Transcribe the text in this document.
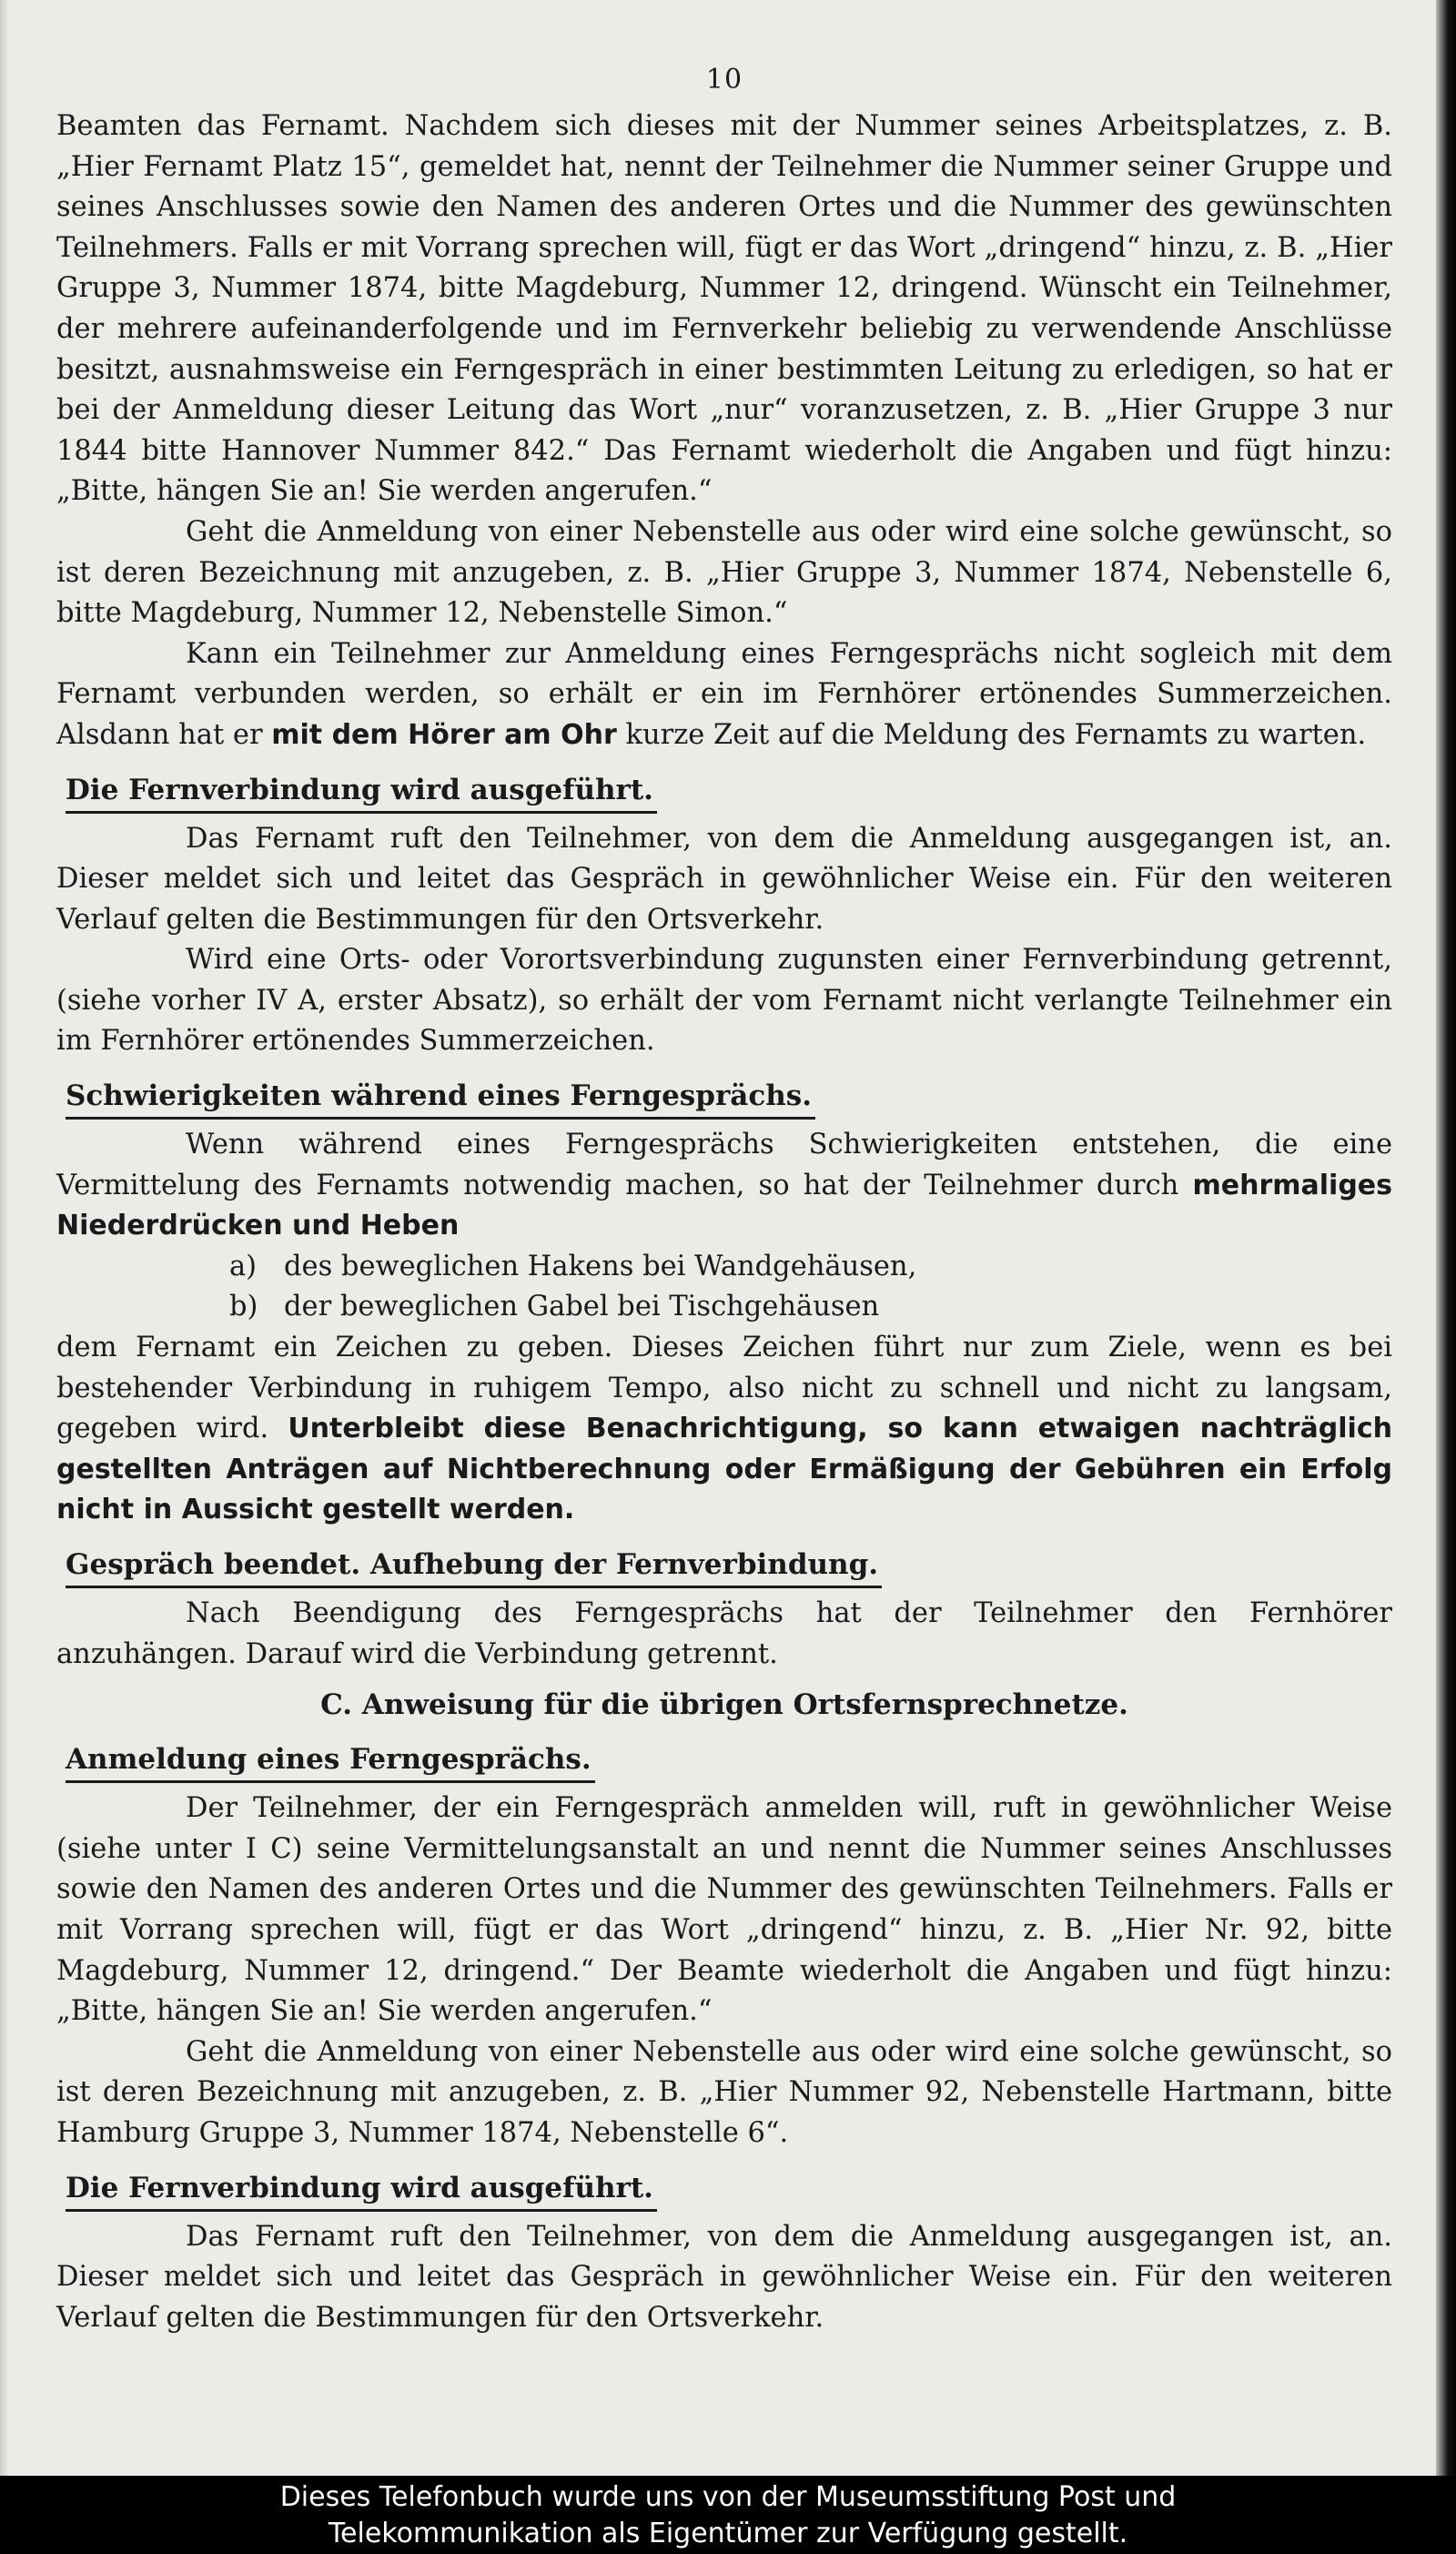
10

Beamten das Fernamt. Nachdem sich dieses mit der Nummer seines Arbeitsplatzes, z. B. „Hier Fernamt Platz 15“, gemeldet hat, nennt der Teilnehmer die Nummer seiner Gruppe und seines Anschlusses sowie den Namen des anderen Ortes und die Nummer des gewünschten Teilnehmers. Falls er mit Vorrang sprechen will, fügt er das Wort „dringend“ hinzu, z. B. „Hier Gruppe 3, Nummer 1874, bitte Magdeburg, Nummer 12, dringend. Wünscht ein Teilnehmer, der mehrere aufeinanderfolgende und im Fernverkehr beliebig zu verwendende Anschlüsse besitzt, ausnahmsweise ein Ferngespräch in einer bestimmten Leitung zu erledigen, so hat er bei der Anmeldung dieser Leitung das Wort „nur“ voranzusetzen, z. B. „Hier Gruppe 3 nur 1844 bitte Hannover Nummer 842.“ Das Fernamt wiederholt die Angaben und fügt hinzu: „Bitte, hängen Sie an! Sie werden angerufen.“

Geht die Anmeldung von einer Nebenstelle aus oder wird eine solche gewünscht, so ist deren Bezeichnung mit anzugeben, z. B. „Hier Gruppe 3, Nummer 1874, Nebenstelle 6, bitte Magdeburg, Nummer 12, Nebenstelle Simon.“

Kann ein Teilnehmer zur Anmeldung eines Ferngesprächs nicht sogleich mit dem Fernamt verbunden werden, so erhält er ein im Fernhörer ertönendes Summerzeichen. Alsdann hat er mit dem Hörer am Ohr kurze Zeit auf die Meldung des Fernamts zu warten.

Die Fernverbindung wird ausgeführt.

Das Fernamt ruft den Teilnehmer, von dem die Anmeldung ausgegangen ist, an. Dieser meldet sich und leitet das Gespräch in gewöhnlicher Weise ein. Für den weiteren Verlauf gelten die Bestimmungen für den Ortsverkehr.

Wird eine Orts- oder Vorortsverbindung zugunsten einer Fernverbindung getrennt, (siehe vorher IV A, erster Absatz), so erhält der vom Fernamt nicht verlangte Teilnehmer ein im Fernhörer ertönendes Summerzeichen.

Schwierigkeiten während eines Ferngesprächs.

Wenn während eines Ferngesprächs Schwierigkeiten entstehen, die eine Vermittelung des Fernamts notwendig machen, so hat der Teilnehmer durch mehrmaliges Niederdrücken und Heben

a) des beweglichen Hakens bei Wandgehäusen,
b) der beweglichen Gabel bei Tischgehäusen

dem Fernamt ein Zeichen zu geben. Dieses Zeichen führt nur zum Ziele, wenn es bei bestehender Verbindung in ruhigem Tempo, also nicht zu schnell und nicht zu langsam, gegeben wird. Unterbleibt diese Benachrichtigung, so kann etwaigen nachträglich gestellten Anträgen auf Nichtberechnung oder Ermäßigung der Gebühren ein Erfolg nicht in Aussicht gestellt werden.

Gespräch beendet. Aufhebung der Fernverbindung.

Nach Beendigung des Ferngesprächs hat der Teilnehmer den Fernhörer anzuhängen. Darauf wird die Verbindung getrennt.

C. Anweisung für die übrigen Ortsfernsprechnetze.
Anmeldung eines Ferngesprächs.

Der Teilnehmer, der ein Ferngespräch anmelden will, ruft in gewöhnlicher Weise (siehe unter I C) seine Vermittelungsanstalt an und nennt die Nummer seines Anschlusses sowie den Namen des anderen Ortes und die Nummer des gewünschten Teilnehmers. Falls er mit Vorrang sprechen will, fügt er das Wort „dringend“ hinzu, z. B. „Hier Nr. 92, bitte Magdeburg, Nummer 12, dringend.“ Der Beamte wiederholt die Angaben und fügt hinzu: „Bitte, hängen Sie an! Sie werden angerufen.“

Geht die Anmeldung von einer Nebenstelle aus oder wird eine solche gewünscht, so ist deren Bezeichnung mit anzugeben, z. B. „Hier Nummer 92, Nebenstelle Hartmann, bitte Hamburg Gruppe 3, Nummer 1874, Nebenstelle 6“.

Die Fernverbindung wird ausgeführt.

Das Fernamt ruft den Teilnehmer, von dem die Anmeldung ausgegangen ist, an. Dieser meldet sich und leitet das Gespräch in gewöhnlicher Weise ein. Für den weiteren Verlauf gelten die Bestimmungen für den Ortsverkehr.

Dieses Telefonbuch wurde uns von der Museumsstiftung Post und
Telekommunikation als Eigentümer zur Verfügung gestellt.
